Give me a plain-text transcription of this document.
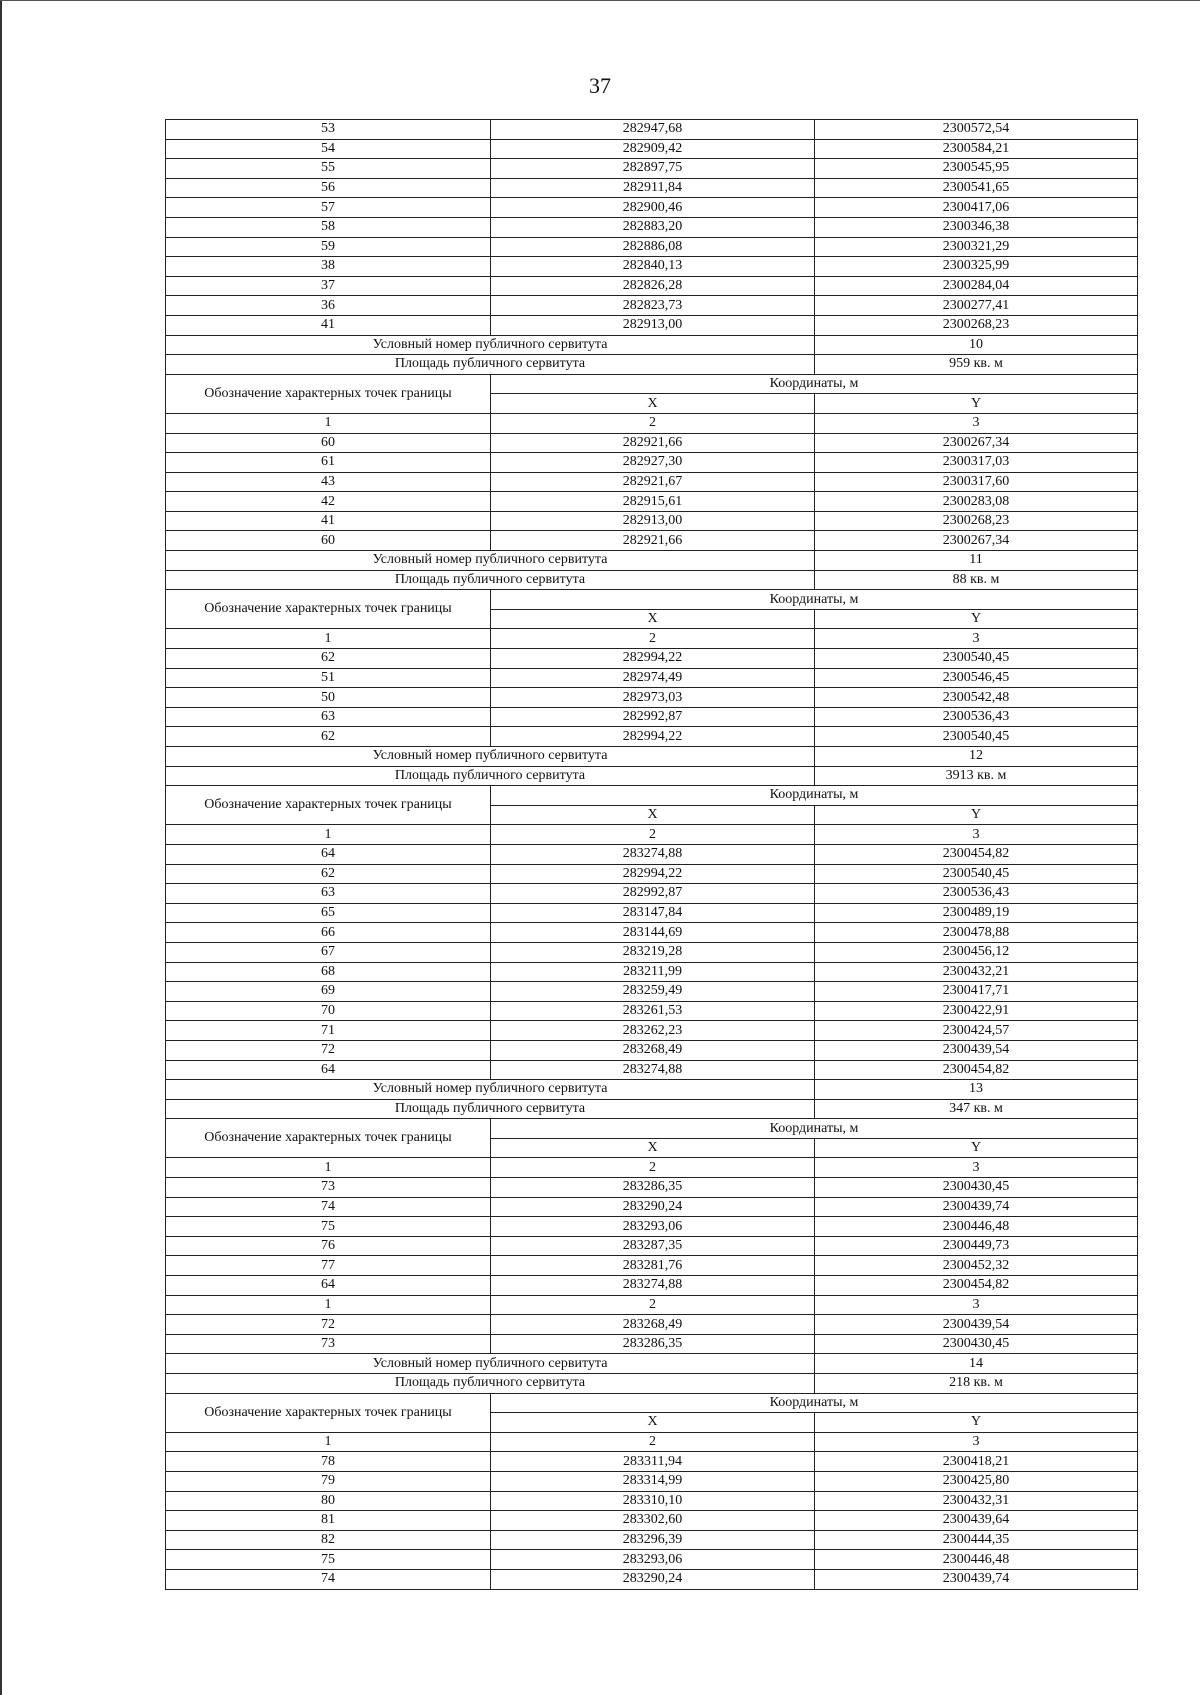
37
53	282947,68	2300572,54
54	282909,42	2300584,21
55	282897,75	2300545,95
56	282911,84	2300541,65
57	282900,46	2300417,06
58	282883,20	2300346,38
59	282886,08	2300321,29
38	282840,13	2300325,99
37	282826,28	2300284,04
36	282823,73	2300277,41
41	282913,00	2300268,23
Условный номер публичного сервитута		10
Площадь публичного сервитута		959 кв. м
Обозначение характерных точек границы	Координаты, м	
	X	Y
1	2	3
60	282921,66	2300267,34
61	282927,30	2300317,03
43	282921,67	2300317,60
42	282915,61	2300283,08
41	282913,00	2300268,23
60	282921,66	2300267,34
Условный номер публичного сервитута		11
Площадь публичного сервитута		88 кв. м
Обозначение характерных точек границы	Координаты, м	
	X	Y
1	2	3
62	282994,22	2300540,45
51	282974,49	2300546,45
50	282973,03	2300542,48
63	282992,87	2300536,43
62	282994,22	2300540,45
Условный номер публичного сервитута		12
Площадь публичного сервитута		3913 кв. м
Обозначение характерных точек границы	Координаты, м	
	X	Y
1	2	3
64	283274,88	2300454,82
62	282994,22	2300540,45
63	282992,87	2300536,43
65	283147,84	2300489,19
66	283144,69	2300478,88
67	283219,28	2300456,12
68	283211,99	2300432,21
69	283259,49	2300417,71
70	283261,53	2300422,91
71	283262,23	2300424,57
72	283268,49	2300439,54
64	283274,88	2300454,82
Условный номер публичного сервитута		13
Площадь публичного сервитута		347 кв. м
Обозначение характерных точек границы	Координаты, м	
	X	Y
1	2	3
73	283286,35	2300430,45
74	283290,24	2300439,74
75	283293,06	2300446,48
76	283287,35	2300449,73
77	283281,76	2300452,32
64	283274,88	2300454,82
1	2	3
72	283268,49	2300439,54
73	283286,35	2300430,45
Условный номер публичного сервитута		14
Площадь публичного сервитута		218 кв. м
Обозначение характерных точек границы	Координаты, м	
	X	Y
1	2	3
78	283311,94	2300418,21
79	283314,99	2300425,80
80	283310,10	2300432,31
81	283302,60	2300439,64
82	283296,39	2300444,35
75	283293,06	2300446,48
74	283290,24	2300439,74
